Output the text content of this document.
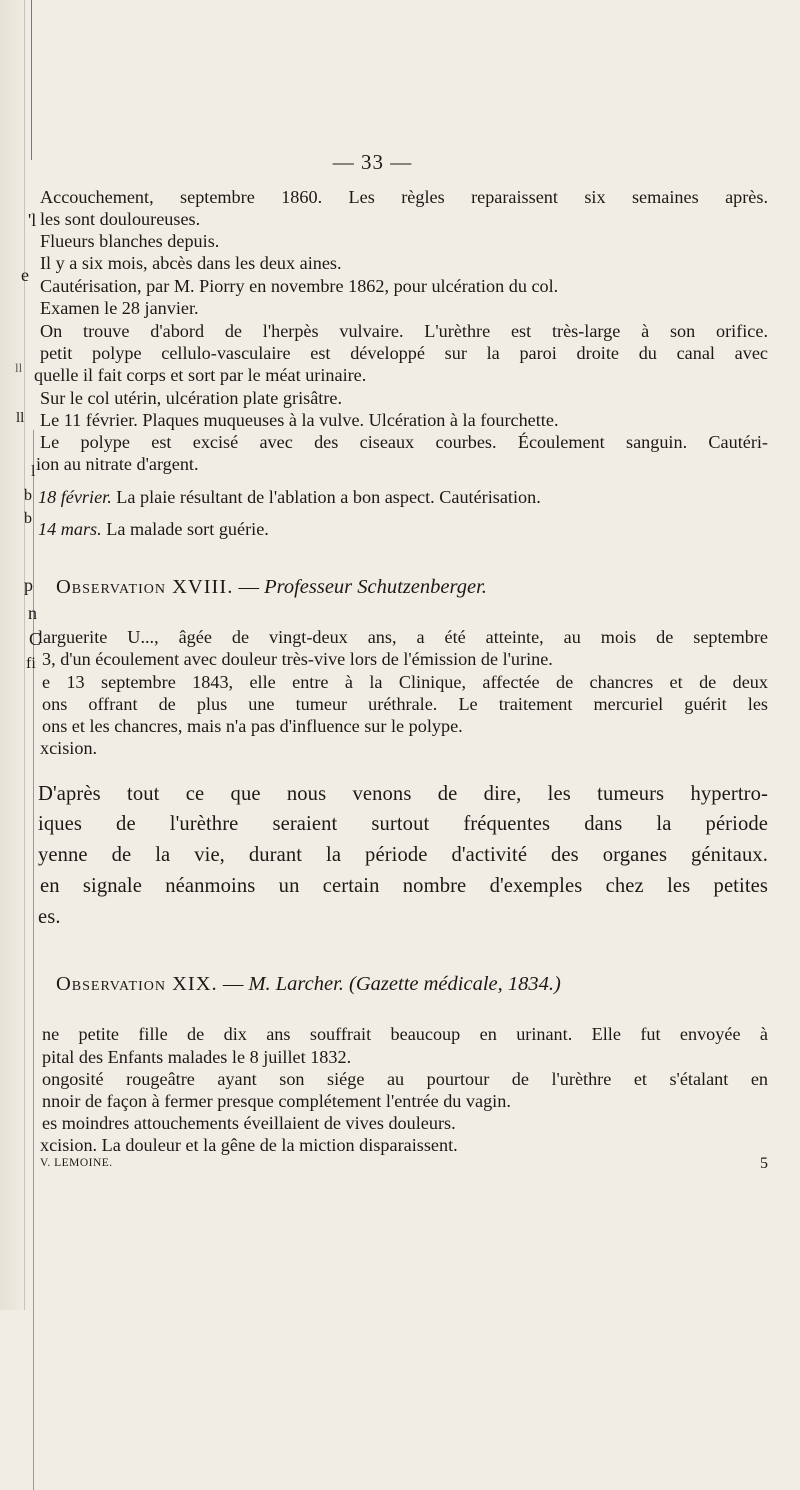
ll
ll
l
b
b
p
n
C
fi
'l
e
— 33 —
Accouchement, septembre 1860. Les règles reparaissent six semaines après.
les sont douloureuses.
Flueurs blanches depuis.
Il y a six mois, abcès dans les deux aines.
Cautérisation, par M. Piorry en novembre 1862, pour ulcération du col.
Examen le 28 janvier.
On trouve d'abord de l'herpès vulvaire. L'urèthre est très-large à son orifice.
petit polype cellulo-vasculaire est développé sur la paroi droite du canal avec
quelle il fait corps et sort par le méat urinaire.
Sur le col utérin, ulcération plate grisâtre.
Le 11 février. Plaques muqueuses à la vulve. Ulcération à la fourchette.
Le polype est excisé avec des ciseaux courbes. Écoulement sanguin. Cautéri-
ion au nitrate d'argent.
18 février. La plaie résultant de l'ablation a bon aspect. Cautérisation.
14 mars. La malade sort guérie.
Observation XVIII. — Professeur Schutzenberger.
larguerite U..., âgée de vingt-deux ans, a été atteinte, au mois de septembre
3, d'un écoulement avec douleur très-vive lors de l'émission de l'urine.
e 13 septembre 1843, elle entre à la Clinique, affectée de chancres et de deux
ons offrant de plus une tumeur uréthrale. Le traitement mercuriel guérit les
ons et les chancres, mais n'a pas d'influence sur le polype.
xcision.
D'après tout ce que nous venons de dire, les tumeurs hypertro-
iques de l'urèthre seraient surtout fréquentes dans la période
yenne de la vie, durant la période d'activité des organes génitaux.
en signale néanmoins un certain nombre d'exemples chez les petites
es.
Observation XIX. — M. Larcher. (Gazette médicale, 1834.)
ne petite fille de dix ans souffrait beaucoup en urinant. Elle fut envoyée à
pital des Enfants malades le 8 juillet 1832.
ongosité rougeâtre ayant son siége au pourtour de l'urèthre et s'étalant en
nnoir de façon à fermer presque complétement l'entrée du vagin.
es moindres attouchements éveillaient de vives douleurs.
xcision. La douleur et la gêne de la miction disparaissent.
V. LEMOINE.	5
